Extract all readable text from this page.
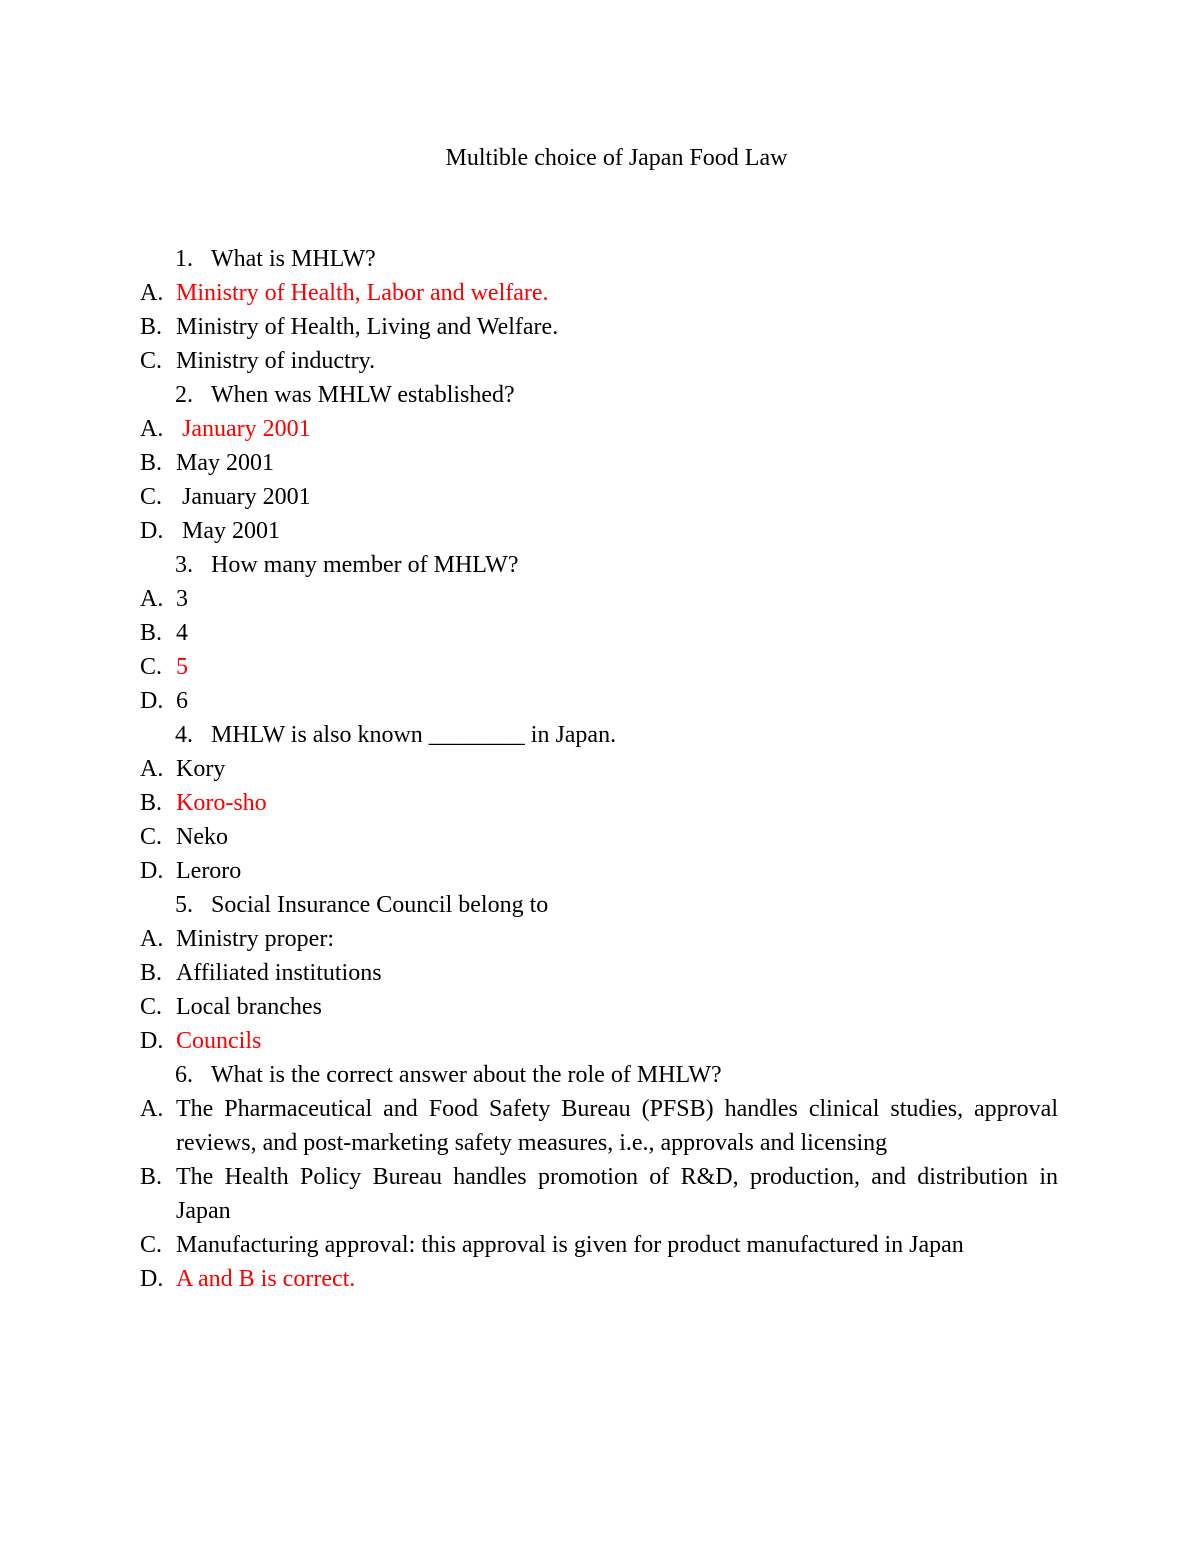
Multible choice of Japan Food Law
1. What is MHLW?
A. Ministry of Health, Labor and welfare.
B. Ministry of Health, Living and Welfare.
C. Ministry of inductry.
2. When was MHLW established?
A. January 2001
B. May 2001
C. January 2001
D. May 2001
3. How many member of MHLW?
A. 3
B. 4
C. 5
D. 6
4. MHLW is also known ________ in Japan.
A. Kory
B. Koro-sho
C. Neko
D. Leroro
5. Social Insurance Council belong to
A. Ministry proper:
B. Affiliated institutions
C. Local branches
D. Councils
6. What is the correct answer about the role of MHLW?
A. The Pharmaceutical and Food Safety Bureau (PFSB) handles clinical studies, approval reviews, and post-marketing safety measures, i.e., approvals and licensing
B. The Health Policy Bureau handles promotion of R&D, production, and distribution in Japan
C. Manufacturing approval: this approval is given for product manufactured in Japan
D. A and B is correct.
